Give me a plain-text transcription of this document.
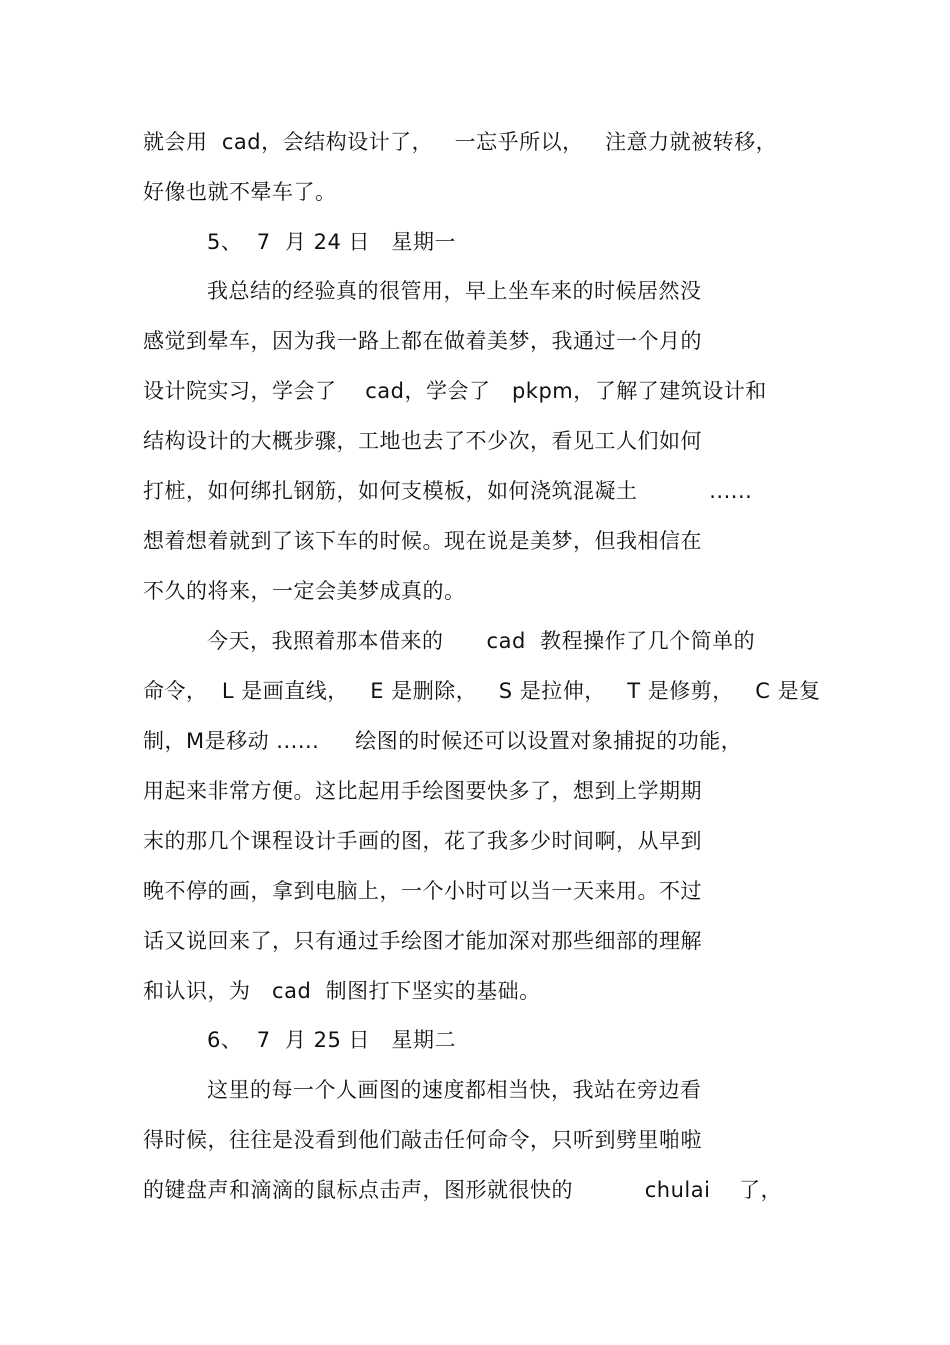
就会用  cad，会结构设计了，   一忘乎所以，   注意力就被转移，
好像也就不晕车了。
5、  7  月 24 日   星期一
我总结的经验真的很管用，早上坐车来的时候居然没
感觉到晕车，因为我一路上都在做着美梦，我通过一个月的
设计院实习，学会了    cad，学会了   pkpm，了解了建筑设计和
结构设计的大概步骤，工地也去了不少次，看见工人们如何
打桩，如何绑扎钢筋，如何支模板，如何浇筑混凝土          ......
想着想着就到了该下车的时候。现在说是美梦，但我相信在
不久的将来，一定会美梦成真的。
今天，我照着那本借来的      cad  教程操作了几个简单的
命令，  L 是画直线，   E 是删除，   S 是拉伸，   T 是修剪，   C 是复
制，M是移动 ......     绘图的时候还可以设置对象捕捉的功能，
用起来非常方便。这比起用手绘图要快多了，想到上学期期
末的那几个课程设计手画的图，花了我多少时间啊，从早到
晚不停的画，拿到电脑上，一个小时可以当一天来用。不过
话又说回来了，只有通过手绘图才能加深对那些细部的理解
和认识，为   cad  制图打下坚实的基础。
6、  7  月 25 日   星期二
这里的每一个人画图的速度都相当快，我站在旁边看
得时候，往往是没看到他们敲击任何命令，只听到劈里啪啦
的键盘声和滴滴的鼠标点击声，图形就很快的          chulai    了，
